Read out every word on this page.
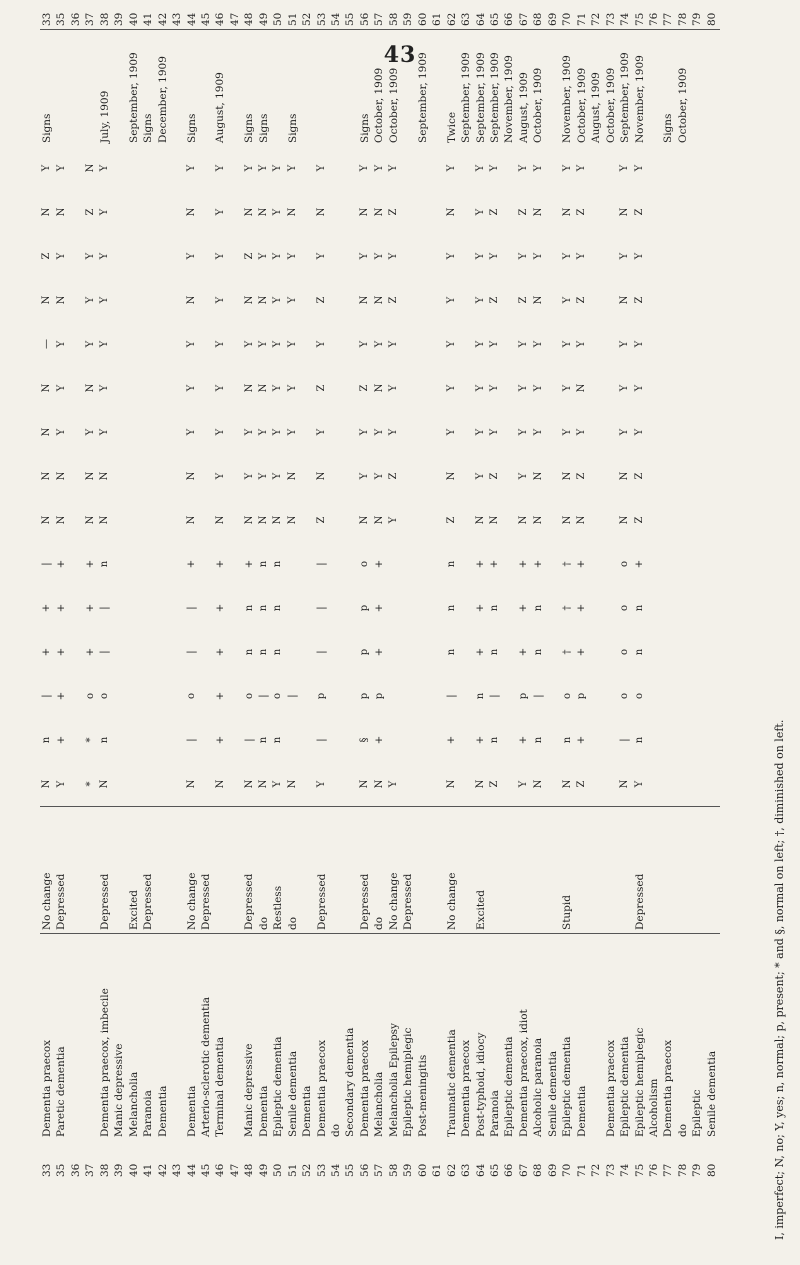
43
33	Dementia praecox	No change	N	n	|	+	+	|	N	N	N	N	—	N	Z	N	Y	Signs	33
35	Paretic dementia	Depressed	Y	+	+	+	+	+	N	N	Y	Y	Y	N	Y	N	Y		35
36																			36
37			*	*	o	+	+	+	N	N	Y	N	Y	Y	Y	Z	N		37
38	Dementia praecox, imbecile	Depressed	N	n	o	|	|	n	N	N	Y	Y	Y	Y	Y	Y	Y	July, 1909	38
39	Manic depressive																		39
40	Melancholia	Excited																September, 1909	40
41	Paranoia	Depressed																Signs	41
42	Dementia																	December, 1909	42
43																			43
44	Dementia	No change	N	|	o	|	|	+	N	N	Y	Y	Y	N	Y	N	Y	Signs	44
45	Arterio-sclerotic dementia	Depressed																	45
46	Terminal dementia		N	+	+	+	+	+	N	Y	Y	Y	Y	Y	Y	Y	Y	August, 1909	46
47																			47
48	Manic depressive	Depressed	N	|	o	n	n	+	N	Y	Y	N	Y	N	Z	N	Y	Signs	48
49	Dementia	do	N	n	|	n	n	n	N	Y	Y	N	Y	N	Y	N	Y	Signs	49
50	Epileptic dementia	Restless	Y	n	o	n	n	n	N	Y	Y	Y	Y	Y	Y	Y	Y		50
51	Senile dementia	do	N		|				N	N	Y	Y	Y	Y	Y	N	Y	Signs	51
52	Dementia																		52
53	Dementia praecox	Depressed	Y	|	p	|	|	|	Z	N	Y	Z	Y	Z	Y	N	Y		53
54	do																		54
55	Secondary dementia																		55
56	Dementia praecox	Depressed	N	§	p	p	p	o	N	Y	Y	Z	Y	N	Y	N	Y	Signs	56
57	Melancholia	do	N	+	p	+	+	+	N	Y	Y	N	Y	N	Y	N	Y	October, 1909	57
58	Melancholia Epilepsy	No change	Y						Y	Z	Y	Y	Y	Z	Y	Z	Y	October, 1909	58
59	Epileptic hemiplegic	Depressed																	59
60	Post-meningitis																	September, 1909	60
61																			61
62	Traumatic dementia	No change	N	+	|	n	n	n	Z	N	Y	Y	Y	Y	Y	N	Y	Twice	62
63	Dementia praecox																	September, 1909	63
64	Post-typhoid, idiocy	Excited	N	+	n	+	+	+	N	Y	Y	Y	Y	Y	Y	Y	Y	September, 1909	64
65	Paranoia		Z	n	|	n	n	+	N	Z	Y	Y	Y	Z	Y	Z	Y	September, 1909	65
66	Epileptic dementia																	November, 1909	66
67	Dementia praecox, idiot		Y	+	p	+	+	+	N	Y	Y	Y	Y	Z	Y	Z	Y	August, 1909	67
68	Alcoholic paranoia		N	n	|	n	n	+	N	N	Y	Y	Y	N	Y	N	Y	October, 1909	68
69	Senile dementia																		69
70	Epileptic dementia	Stupid	N	n	o	†	†	†	N	N	Y	Y	Y	Y	Y	N	Y	November, 1909	70
71	Dementia		Z	+	p	+	+	+	N	Z	Y	N	Y	Z	Y	Z	Y	October, 1909	71
72																		August, 1909	72
73	Dementia praecox																	October, 1909	73
74	Epileptic dementia		N	|	o	o	o	o	N	N	Y	Y	Y	N	Y	N	Y	September, 1909	74
75	Epileptic hemiplegic	Depressed	Y	n	o	n	n	+	Z	Z	Y	Y	Y	Z	Y	Z	Y	November, 1909	75
76	Alcoholism																		76
77	Dementia praecox																	Signs	77
78	do																	October, 1909	78
79	Epileptic																		79
80	Senile dementia																		80
I, imperfect; N, no; Y, yes; n, normal; p, present; * and §, normal on left; †, diminished on left.
